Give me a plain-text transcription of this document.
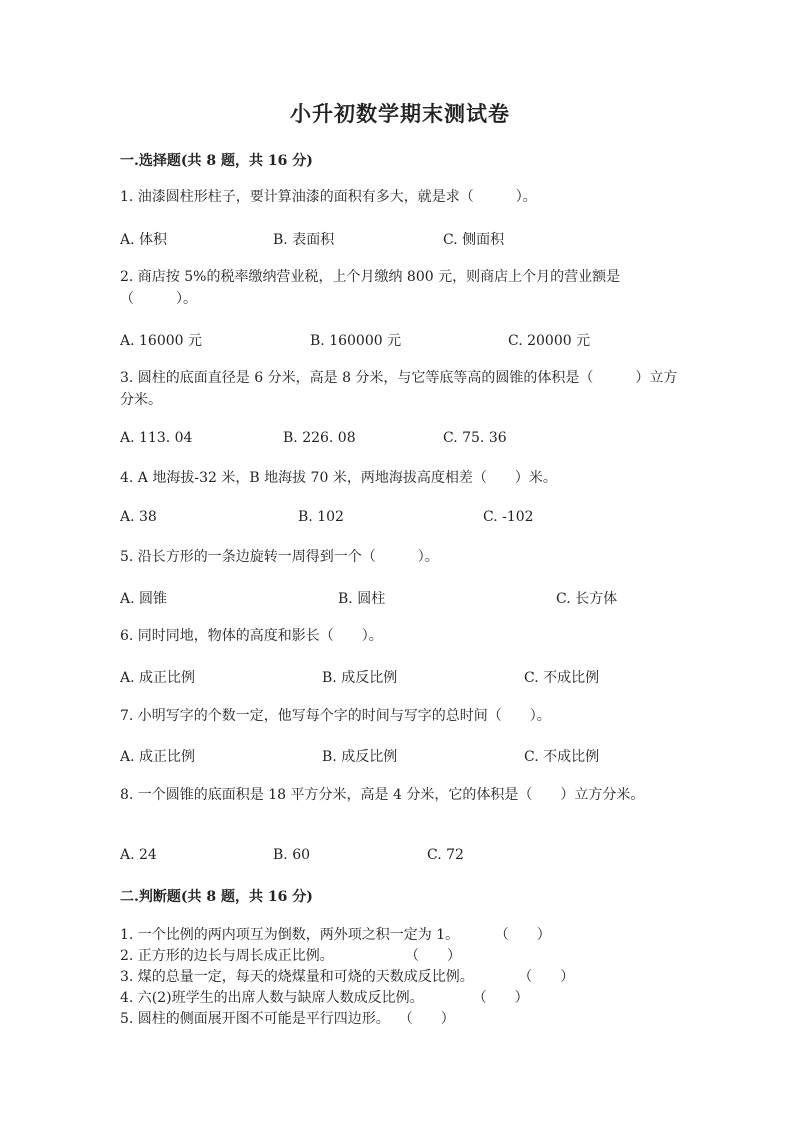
小升初数学期末测试卷
一.选择题(共 8 题，共 16 分)
1. 油漆圆柱形柱子，要计算油漆的面积有多大，就是求（　　　）。
A. 体积	B. 表面积	C. 侧面积
2. 商店按 5%的税率缴纳营业税，上个月缴纳 800 元，则商店上个月的营业额是（　　　）。
A. 16000 元	B. 160000 元	C. 20000 元
3. 圆柱的底面直径是 6 分米，高是 8 分米，与它等底等高的圆锥的体积是（　　　）立方分米。
A. 113. 04	B. 226. 08	C. 75. 36
4. A 地海拔-32 米，B 地海拔 70 米，两地海拔高度相差（　　）米。
A. 38	B. 102	C. -102
5. 沿长方形的一条边旋转一周得到一个（　　　）。
A. 圆锥	B. 圆柱	C. 长方体
6. 同时同地，物体的高度和影长（　　）。
A. 成正比例	B. 成反比例	C. 不成比例
7. 小明写字的个数一定，他写每个字的时间与写字的总时间（　　）。
A. 成正比例	B. 成反比例	C. 不成比例
8. 一个圆锥的底面积是 18 平方分米，高是 4 分米，它的体积是（　　）立方分米。
A. 24	B. 60	C. 72
二.判断题(共 8 题，共 16 分)
1. 一个比例的两内项互为倒数，两外项之积一定为 1。        （　　）
2. 正方形的边长与周长成正比例。                （　　）
3. 煤的总量一定，每天的烧煤量和可烧的天数成反比例。          （　　）
4. 六(2)班学生的出席人数与缺席人数成反比例。           （　　）
5. 圆柱的侧面展开图不可能是平行四边形。  （　　）
